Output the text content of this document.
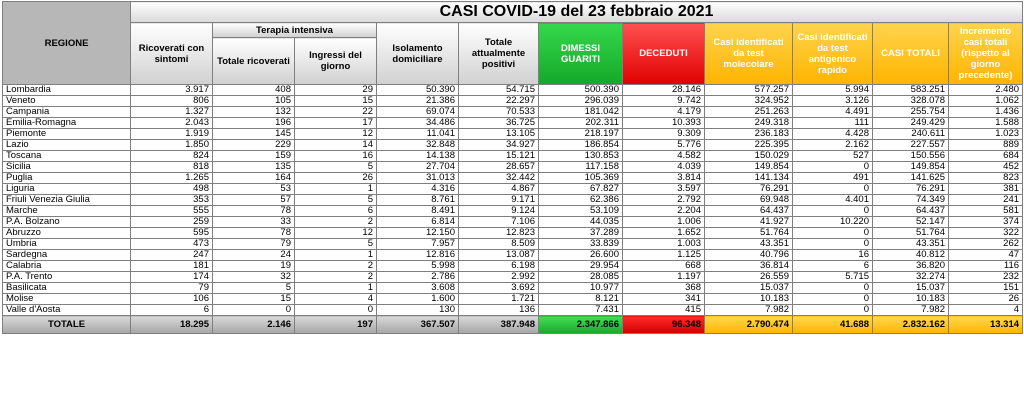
REGIONE	CASI COVID-19 del 23 febbraio 2021										
	Ricoverati con sintomi	Terapia intensiva		Isolamento domiciliare	Totale attualmente positivi	DIMESSI GUARITI	DECEDUTI	Casi identificati da test molecolare	Casi identificati da test antigenico rapido	CASI TOTALI	Incremento casi totali (rispetto al giorno precedente)
		Totale ricoverati	Ingressi del giorno								
Lombardia	3.917	408	29	50.390	54.715	500.390	28.146	577.257	5.994	583.251	2.480
Veneto	806	105	15	21.386	22.297	296.039	9.742	324.952	3.126	328.078	1.062
Campania	1.327	132	22	69.074	70.533	181.042	4.179	251.263	4.491	255.754	1.436
Emilia-Romagna	2.043	196	17	34.486	36.725	202.311	10.393	249.318	111	249.429	1.588
Piemonte	1.919	145	12	11.041	13.105	218.197	9.309	236.183	4.428	240.611	1.023
Lazio	1.850	229	14	32.848	34.927	186.854	5.776	225.395	2.162	227.557	889
Toscana	824	159	16	14.138	15.121	130.853	4.582	150.029	527	150.556	684
Sicilia	818	135	5	27.704	28.657	117.158	4.039	149.854	0	149.854	452
Puglia	1.265	164	26	31.013	32.442	105.369	3.814	141.134	491	141.625	823
Liguria	498	53	1	4.316	4.867	67.827	3.597	76.291	0	76.291	381
Friuli Venezia Giulia	353	57	5	8.761	9.171	62.386	2.792	69.948	4.401	74.349	241
Marche	555	78	6	8.491	9.124	53.109	2.204	64.437	0	64.437	581
P.A. Bolzano	259	33	2	6.814	7.106	44.035	1.006	41.927	10.220	52.147	374
Abruzzo	595	78	12	12.150	12.823	37.289	1.652	51.764	0	51.764	322
Umbria	473	79	5	7.957	8.509	33.839	1.003	43.351	0	43.351	262
Sardegna	247	24	1	12.816	13.087	26.600	1.125	40.796	16	40.812	47
Calabria	181	19	2	5.998	6.198	29.954	668	36.814	6	36.820	116
P.A. Trento	174	32	2	2.786	2.992	28.085	1.197	26.559	5.715	32.274	232
Basilicata	79	5	1	3.608	3.692	10.977	368	15.037	0	15.037	151
Molise	106	15	4	1.600	1.721	8.121	341	10.183	0	10.183	26
Valle d'Aosta	6	0	0	130	136	7.431	415	7.982	0	7.982	4
TOTALE	18.295	2.146	197	367.507	387.948	2.347.866	96.348	2.790.474	41.688	2.832.162	13.314
